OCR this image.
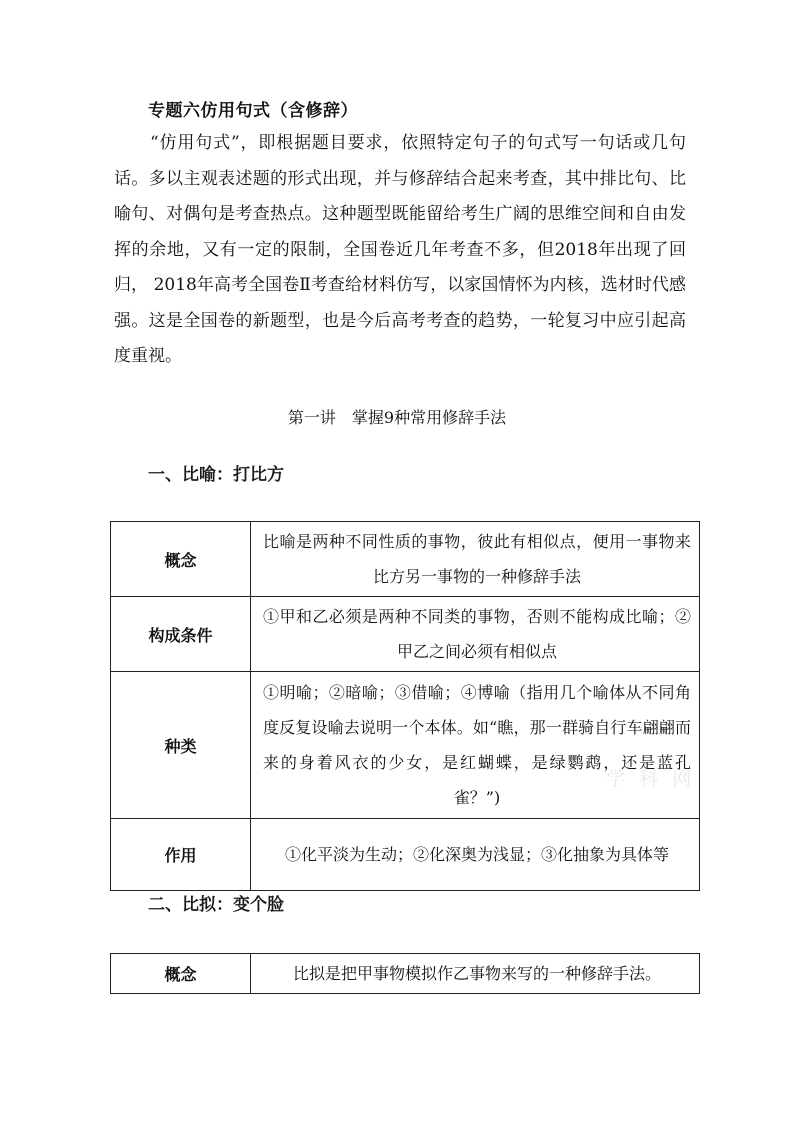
专题六仿用句式（含修辞）

“仿用句式”，即根据题目要求，依照特定句子的句式写一句话或几句话。多以主观表述题的形式出现，并与修辞结合起来考查，其中排比句、比喻句、对偶句是考查热点。这种题型既能留给考生广阔的思维空间和自由发挥的余地，又有一定的限制，全国卷近几年考查不多，但2018年出现了回归， 2018年高考全国卷Ⅱ考查给材料仿写，以家国情怀为内核，选材时代感强。这是全国卷的新题型，也是今后高考考查的趋势，一轮复习中应引起高度重视。

第一讲　掌握9种常用修辞手法
一、比喻：打比方
概念	比喻是两种不同性质的事物，彼此有相似点，便用一事物来比方另一事物的一种修辞手法
构成条件	①甲和乙必须是两种不同类的事物，否则不能构成比喻；②甲乙之间必须有相似点
种类	①明喻；②暗喻；③借喻；④博喻（指用几个喻体从不同角度反复设喻去说明一个本体。如“瞧，那一群骑自行车翩翩而来的身着风衣的少女，是红蝴蝶，是绿鹦鹉，还是蓝孔雀？”)
作用	①化平淡为生动；②化深奥为浅显；③化抽象为具体等
二、比拟：变个脸
概念	比拟是把甲事物模拟作乙事物来写的一种修辞手法。
学 科 网
